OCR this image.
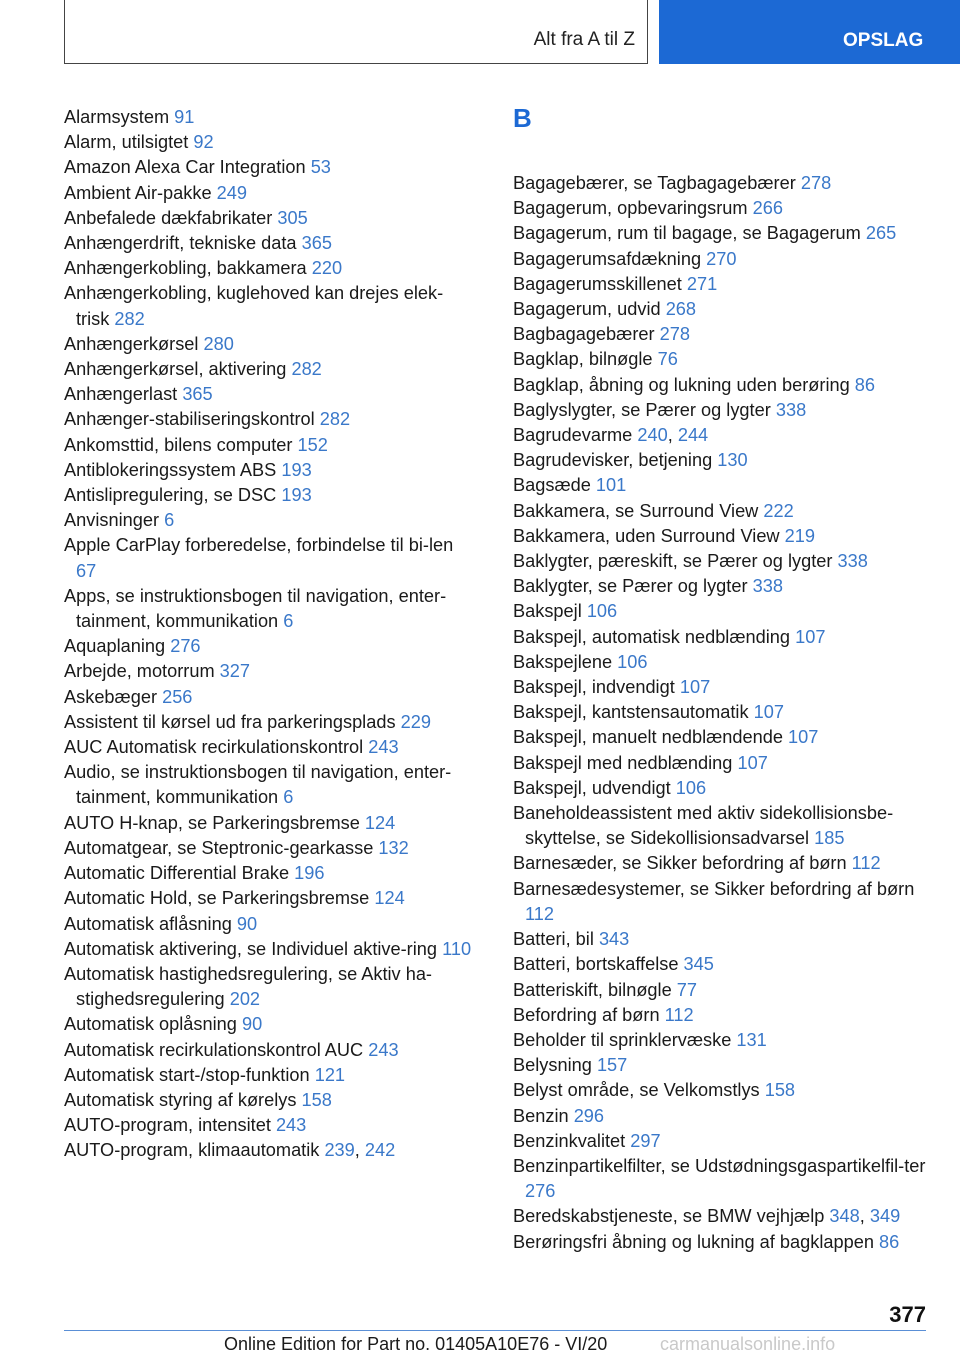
Alt fra A til Z	OPSLAG
Alarmsystem 91
Alarm, utilsigtet 92
Amazon Alexa Car Integration 53
Ambient Air-pakke 249
Anbefalede dækfabrikater 305
Anhængerdrift, tekniske data 365
Anhængerkobling, bakkamera 220
Anhængerkobling, kuglehoved kan drejes elek-trisk 282
Anhængerkørsel 280
Anhængerkørsel, aktivering 282
Anhængerlast 365
Anhænger-stabiliseringskontrol 282
Ankomsttid, bilens computer 152
Antiblokeringssystem ABS 193
Antislipregulering, se DSC 193
Anvisninger 6
Apple CarPlay forberedelse, forbindelse til bi-len 67
Apps, se instruktionsbogen til navigation, enter-tainment, kommunikation 6
Aquaplaning 276
Arbejde, motorrum 327
Askebæger 256
Assistent til kørsel ud fra parkeringsplads 229
AUC Automatisk recirkulationskontrol 243
Audio, se instruktionsbogen til navigation, enter-tainment, kommunikation 6
AUTO H-knap, se Parkeringsbremse 124
Automatgear, se Steptronic-gearkasse 132
Automatic Differential Brake 196
Automatic Hold, se Parkeringsbremse 124
Automatisk aflåsning 90
Automatisk aktivering, se Individuel aktive-ring 110
Automatisk hastighedsregulering, se Aktiv ha-stighedsregulering 202
Automatisk oplåsning 90
Automatisk recirkulationskontrol AUC 243
Automatisk start-/stop-funktion 121
Automatisk styring af kørelys 158
AUTO-program, intensitet 243
AUTO-program, klimaautomatik 239, 242
B
Bagagebærer, se Tagbagagebærer 278
Bagagerum, opbevaringsrum 266
Bagagerum, rum til bagage, se Bagagerum 265
Bagagerumsafdækning 270
Bagagerumsskillenet 271
Bagagerum, udvid 268
Bagbagagebærer 278
Bagklap, bilnøgle 76
Bagklap, åbning og lukning uden berøring 86
Baglyslygter, se Pærer og lygter 338
Bagrudevarme 240, 244
Bagrudevisker, betjening 130
Bagsæde 101
Bakkamera, se Surround View 222
Bakkamera, uden Surround View 219
Baklygter, pæreskift, se Pærer og lygter 338
Baklygter, se Pærer og lygter 338
Bakspejl 106
Bakspejl, automatisk nedblænding 107
Bakspejlene 106
Bakspejl, indvendigt 107
Bakspejl, kantstensautomatik 107
Bakspejl, manuelt nedblændende 107
Bakspejl med nedblænding 107
Bakspejl, udvendigt 106
Baneholdeassistent med aktiv sidekollisionsbe-skyttelse, se Sidekollisionsadvarsel 185
Barnesæder, se Sikker befordring af børn 112
Barnesædesystemer, se Sikker befordring af børn 112
Batteri, bil 343
Batteri, bortskaffelse 345
Batteriskift, bilnøgle 77
Befordring af børn 112
Beholder til sprinklervæske 131
Belysning 157
Belyst område, se Velkomstlys 158
Benzin 296
Benzinkvalitet 297
Benzinpartikelfilter, se Udstødningsgaspartikelfil-ter 276
Beredskabstjeneste, se BMW vejhjælp 348, 349
Berøringsfri åbning og lukning af bagklappen 86
377
Online Edition for Part no. 01405A10E76 - VI/20	carmanualsonline.info
